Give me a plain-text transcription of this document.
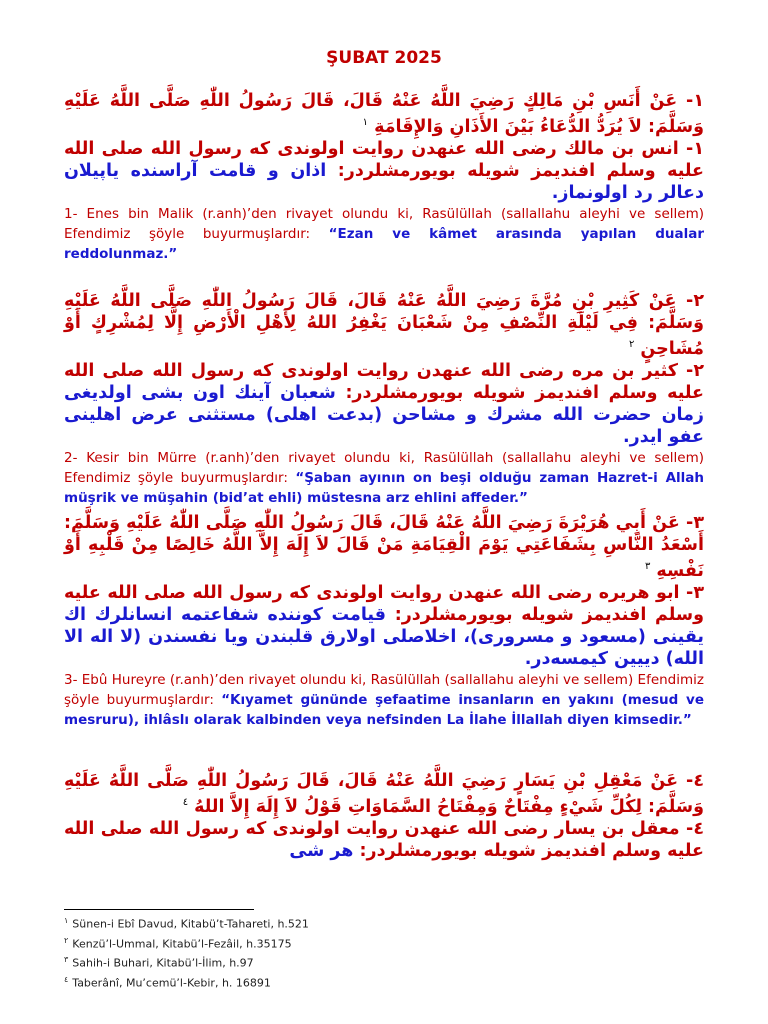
ŞUBAT 2025

١- عَنْ أَنَسِ بْنِ مَالِكٍ رَضِيَ اللَّهُ عَنْهُ قَالَ، قَالَ رَسُولُ اللّٰهِ صَلَّى اللَّهُ عَلَيْهِ وَسَلَّمَ: لاَ يُرَدُّ الدُّعَاءُ بَيْنَ الأَذَانِ وَالإِقَامَةِ $^١$

١- انس بن مالك رضى الله عنهدن روايت اولوندى كه رسول الله صلى الله عليه وسلم افنديمز شويله بويورمشلردر: اذان و قامت آراسنده ياپيلان دعالر رد اولونماز.

1- Enes bin Malik (r.anh)’den rivayet olundu ki, Rasülüllah (sallallahu aleyhi ve sellem) Efendimiz şöyle buyurmuşlardır: “Ezan ve kâmet arasında yapılan dualar reddolunmaz.”

٢- عَنْ كَثِيرِ بْنِ مُرَّةَ رَضِيَ اللَّهُ عَنْهُ قَالَ، قَالَ رَسُولُ اللّٰهِ صَلَّى اللَّهُ عَلَيْهِ وَسَلَّمَ: فِي لَيْلَةِ النِّصْفِ مِنْ شَعْبَانَ يَغْفِرُ اللهُ لِأَهْلِ الْأَرْضِ إِلَّا لِمُشْرِكٍ أَوْ مُشَاحِنٍ $^٢$

٢- كثير بن مره رضى الله عنهدن روايت اولوندى كه رسول الله صلى الله عليه وسلم افنديمز شويله بويورمشلردر: شعبان آينك اون بشى اولديغى زمان حضرت الله مشرك و مشاحن (بدعت اهلى) مستثنى عرض اهلينى عفو ايدر.

2- Kesir bin Mürre (r.anh)’den rivayet olundu ki, Rasülüllah (sallallahu aleyhi ve sellem) Efendimiz şöyle buyurmuşlardır: “Şaban ayının on beşi olduğu zaman Hazret-i Allah müşrik ve müşahin (bid’at ehli) müstesna arz ehlini affeder.”

٣- عَنْ أَبِي هُرَيْرَةَ رَضِيَ اللَّهُ عَنْهُ قَالَ، قَالَ رَسُولُ اللّٰهِ صَلَّى اللّٰهُ عَلَيْهِ وَسَلَّمَ: أَسْعَدُ النَّاسِ بِشَفَاعَتِي يَوْمَ الْقِيَامَةِ مَنْ قَالَ لاَ إِلَهَ إِلاَّ اللَّهُ خَالِصًا مِنْ قَلْبِهِ أَوْ نَفْسِهِ $^٣$

٣- ابو هريره رضى الله عنهدن روايت اولوندى كه رسول الله صلى الله عليه وسلم افنديمز شويله بويورمشلردر: قيامت كوننده شفاعتمه انسانلرك اك يقينى (مسعود و مسرورى)، اخلاصلى اولارق قلبندن ويا نفسندن (لا اله الا الله) دييين كيمسه‌در.

3- Ebû Hureyre (r.anh)’den rivayet olundu ki, Rasülüllah (sallallahu aleyhi ve sellem) Efendimiz şöyle buyurmuşlardır: “Kıyamet gününde şefaatime insanların en yakını (mesud ve mesruru), ihlâslı olarak kalbinden veya nefsinden La İlahe İllallah diyen kimsedir.”

٤- عَنْ مَعْقِلِ بْنِ يَسَارٍ رَضِيَ اللَّهُ عَنْهُ قَالَ، قَالَ رَسُولُ اللّٰهِ صَلَّى اللَّهُ عَلَيْهِ وَسَلَّمَ: لِكُلِّ شَيْءٍ مِفْتَاحٌ وَمِفْتَاحُ السَّمَاوَاتِ قَوْلُ لاَ إِلَهَ إِلاَّ اللهُ $^٤$

٤- معقل بن يسار رضى الله عنهدن روايت اولوندى كه رسول الله صلى الله عليه وسلم افنديمز شويله بويورمشلردر: هر شى

$^١$ Sünen-i Ebî Davud, Kitabü’t-Tahareti, h.521

$^٢$ Kenzü’l-Ummal, Kitabü’l-Fezâil, h.35175

$^٣$ Sahih-i Buhari, Kitabü’l-İlim, h.97

$^٤$ Taberânî, Mu’cemü’l-Kebir, h. 16891
